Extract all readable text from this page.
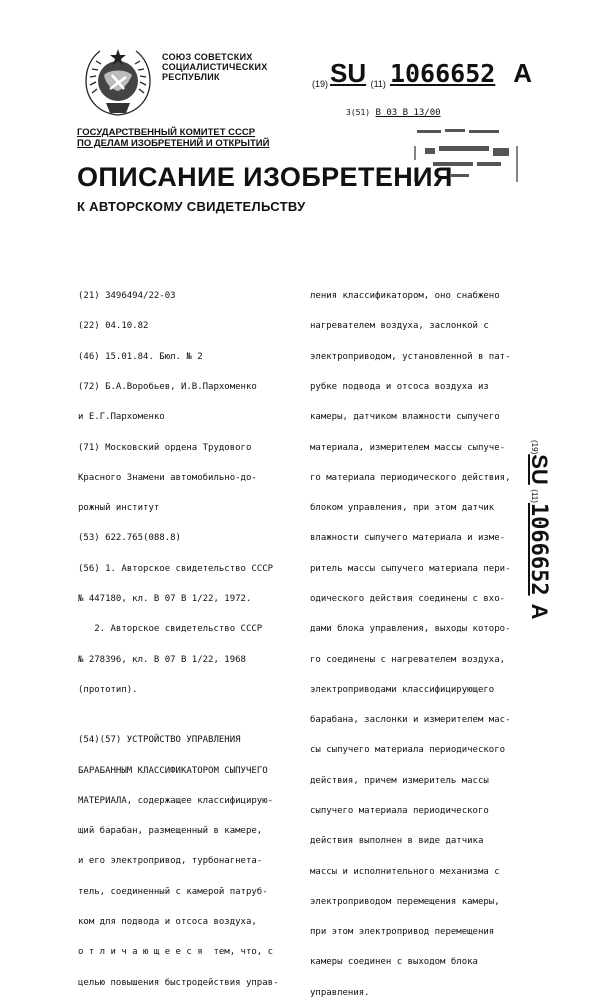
СОЮЗ СОВЕТСКИХ
СОЦИАЛИСТИЧЕСКИХ
РЕСПУБЛИК
(19)SU (11) 1066652 A
3(51) B 03 B 13/00
ГОСУДАРСТВЕННЫЙ КОМИТЕТ СССР
ПО ДЕЛАМ ИЗОБРЕТЕНИЙ И ОТКРЫТИЙ
ОПИСАНИЕ ИЗОБРЕТЕНИЯ
К АВТОРСКОМУ СВИДЕТЕЛЬСТВУ

(21) 3496494/22-03

(22) 04.10.82

(46) 15.01.84. Бюл. № 2

(72) Б.А.Воробьев, И.В.Пархоменко

и Е.Г.Пархоменко

(71) Московский ордена Трудового

Красного Знамени автомобильно-до-

рожный институт

(53) 622.765(088.8)

(56) 1. Авторское свидетельство СССР

№ 447180, кл. B 07 B 1/22, 1972.

2. Авторское свидетельство СССР

№ 278396, кл. B 07 B 1/22, 1968

(прототип).

(54)(57) УСТРОЙСТВО УПРАВЛЕНИЯ

БАРАБАННЫМ КЛАССИФИКАТОРОМ СЫПУЧЕГО

МАТЕРИАЛА, содержащее классифицирую-

щий барабан, размещенный в камере,

и его электропривод, турбонагнета-

тель, соединенный с камерой патруб-

ком для подвода и отсоса воздуха,

о т л и ч а ю щ е е с я  тем, что, с

целью повышения быстродействия управ-

ления классификатором, оно снабжено

нагревателем воздуха, заслонкой с

электроприводом, установленной в пат-

рубке подвода и отсоса воздуха из

камеры, датчиком влажности сыпучего

материала, измерителем массы сыпуче-

го материала периодического действия,

блоком управления, при этом датчик

влажности сыпучего материала и изме-

ритель массы сыпучего материала пери-

одического действия соединены с вхо-

дами блока управления, выходы которо-

го соединены с нагревателем воздуха,

электроприводами классифицирующего

барабана, заслонки и измерителем мас-

сы сыпучего материала периодического

действия, причем измеритель массы

сыпучего материала периодического

действия выполнен в виде датчика

массы и исполнительного механизма с

электроприводом перемещения камеры,

при этом электропривод перемещения

камеры соединен с выходом блока

управления.

(19)SU (11)1066652A
